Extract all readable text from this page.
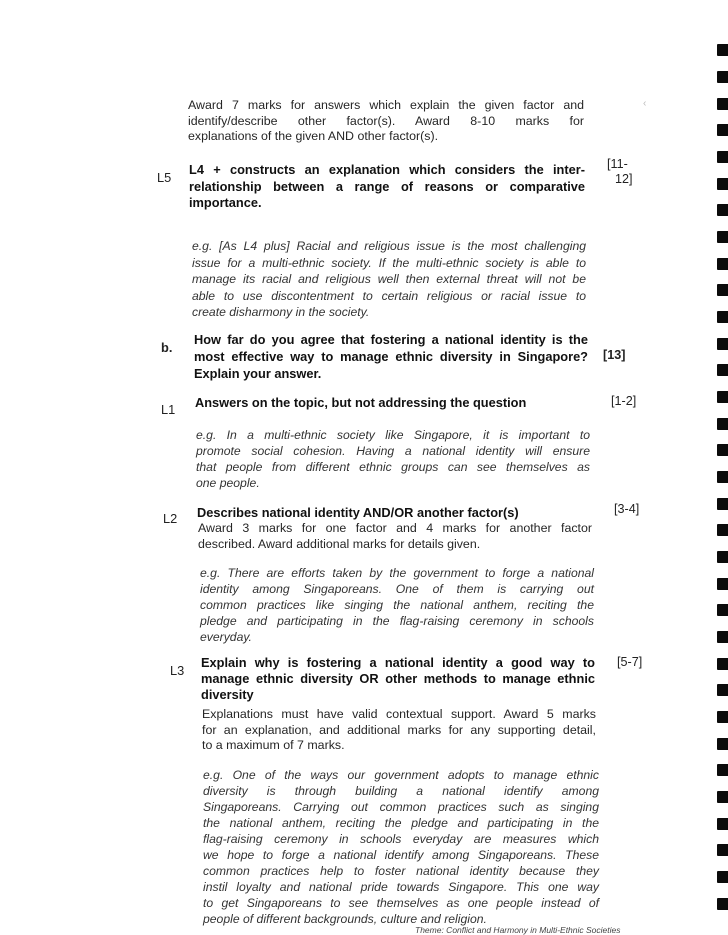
Award 7 marks for answers which explain the given factor and
identify/describe other factor(s). Award 8-10 marks for
explanations of the given AND other factor(s).
‹
L5
L4 + constructs an explanation which considers the inter-
relationship between a range of reasons or comparative
importance.
[11-
12]
e.g. [As L4 plus] Racial and religious issue is the most challenging
issue for a multi-ethnic society. If the multi-ethnic society is able to
manage its racial and religious well then external threat will not be
able to use discontentment to certain religious or racial issue to
create disharmony in the society.
b.
How far do you agree that fostering a national identity is the
most effective way to manage ethnic diversity in Singapore?
Explain your answer.
[13]
L1 Answers on the topic, but not addressing the question	[1-2]
e.g. In a multi-ethnic society like Singapore, it is important to
promote social cohesion. Having a national identity will ensure
that people from different ethnic groups can see themselves as
one people.
L2 Describes national identity AND/OR another factor(s)	[3-4]
Award 3 marks for one factor and 4 marks for another factor
described. Award additional marks for details given.
e.g. There are efforts taken by the government to forge a national
identity among Singaporeans. One of them is carrying out
common practices like singing the national anthem, reciting the
pledge and participating in the flag-raising ceremony in schools
everyday.
L3
Explain why is fostering a national identity a good way to
manage ethnic diversity OR other methods to manage ethnic
diversity
[5-7]
Explanations must have valid contextual support. Award 5 marks
for an explanation, and additional marks for any supporting detail,
to a maximum of 7 marks.
e.g. One of the ways our government adopts to manage ethnic
diversity is through building a national identify among
Singaporeans. Carrying out common practices such as singing
the national anthem, reciting the pledge and participating in the
flag-raising ceremony in schools everyday are measures which
we hope to forge a national identify among Singaporeans. These
common practices help to foster national identity because they
instil loyalty and national pride towards Singapore. This one way
to get Singaporeans to see themselves as one people instead of
people of different backgrounds, culture and religion.
Theme: Conflict and Harmony in Multi-Ethnic Societies
